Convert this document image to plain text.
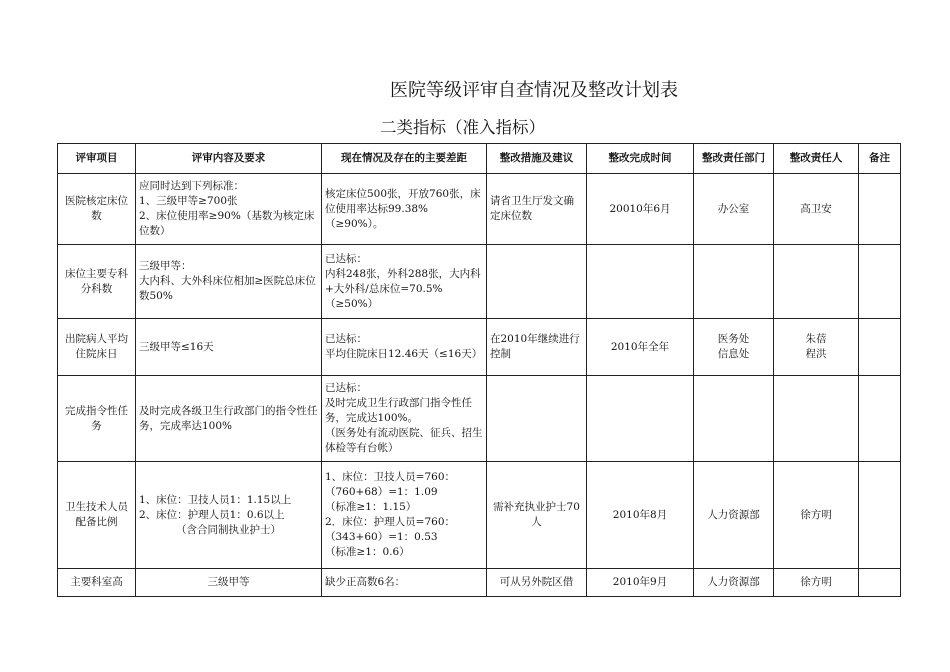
医院等级评审自查情况及整改计划表
二类指标（准入指标）
评审项目	评审内容及要求	现在情况及存在的主要差距	整改措施及建议	整改完成时间	整改责任部门	整改责任人	备注
医院核定床位数	应同时达到下列标准：
1、三级甲等≥700张
2、床位使用率≥90%（基数为核定床位数）	核定床位500张，开放760张，床位使用率达标99.38%（≥90%）。	请省卫生厅发文确定床位数	20010年6月	办公室	高卫安	

床位主要专科分科数	三级甲等：
大内科、大外科床位相加≥医院总床位数50%	已达标：
内科248张，外科288张，大内科+大外科/总床位=70.5%（≥50%）					

出院病人平均住院床日	三级甲等≤16天	已达标：
平均住院床日12.46天（≤16天）	在2010年继续进行控制	2010年全年	医务处
信息处	朱蓓
程洪	

完成指令性任务	及时完成各级卫生行政部门的指令性任务，完成率达100%	已达标：
及时完成卫生行政部门指令性任务，完成达100%。
（医务处有流动医院、征兵、招生体检等有台帐）					

卫生技术人员配备比例	1、床位：卫技人员1：1.15以上
2、床位：护理人员1：0.6以上
（含合同制执业护士）	1、床位：卫技人员=760：（760+68）=1：1.09
（标准≥1：1.15）
2．床位：护理人员=760：（343+60）=1：0.53
（标准≥1：0.6）	需补充执业护士70人	2010年8月	人力资源部	徐方明	

主要科室高	三级甲等	缺少正高数6名：	可从另外院区借	2010年9月	人力资源部	徐方明	
